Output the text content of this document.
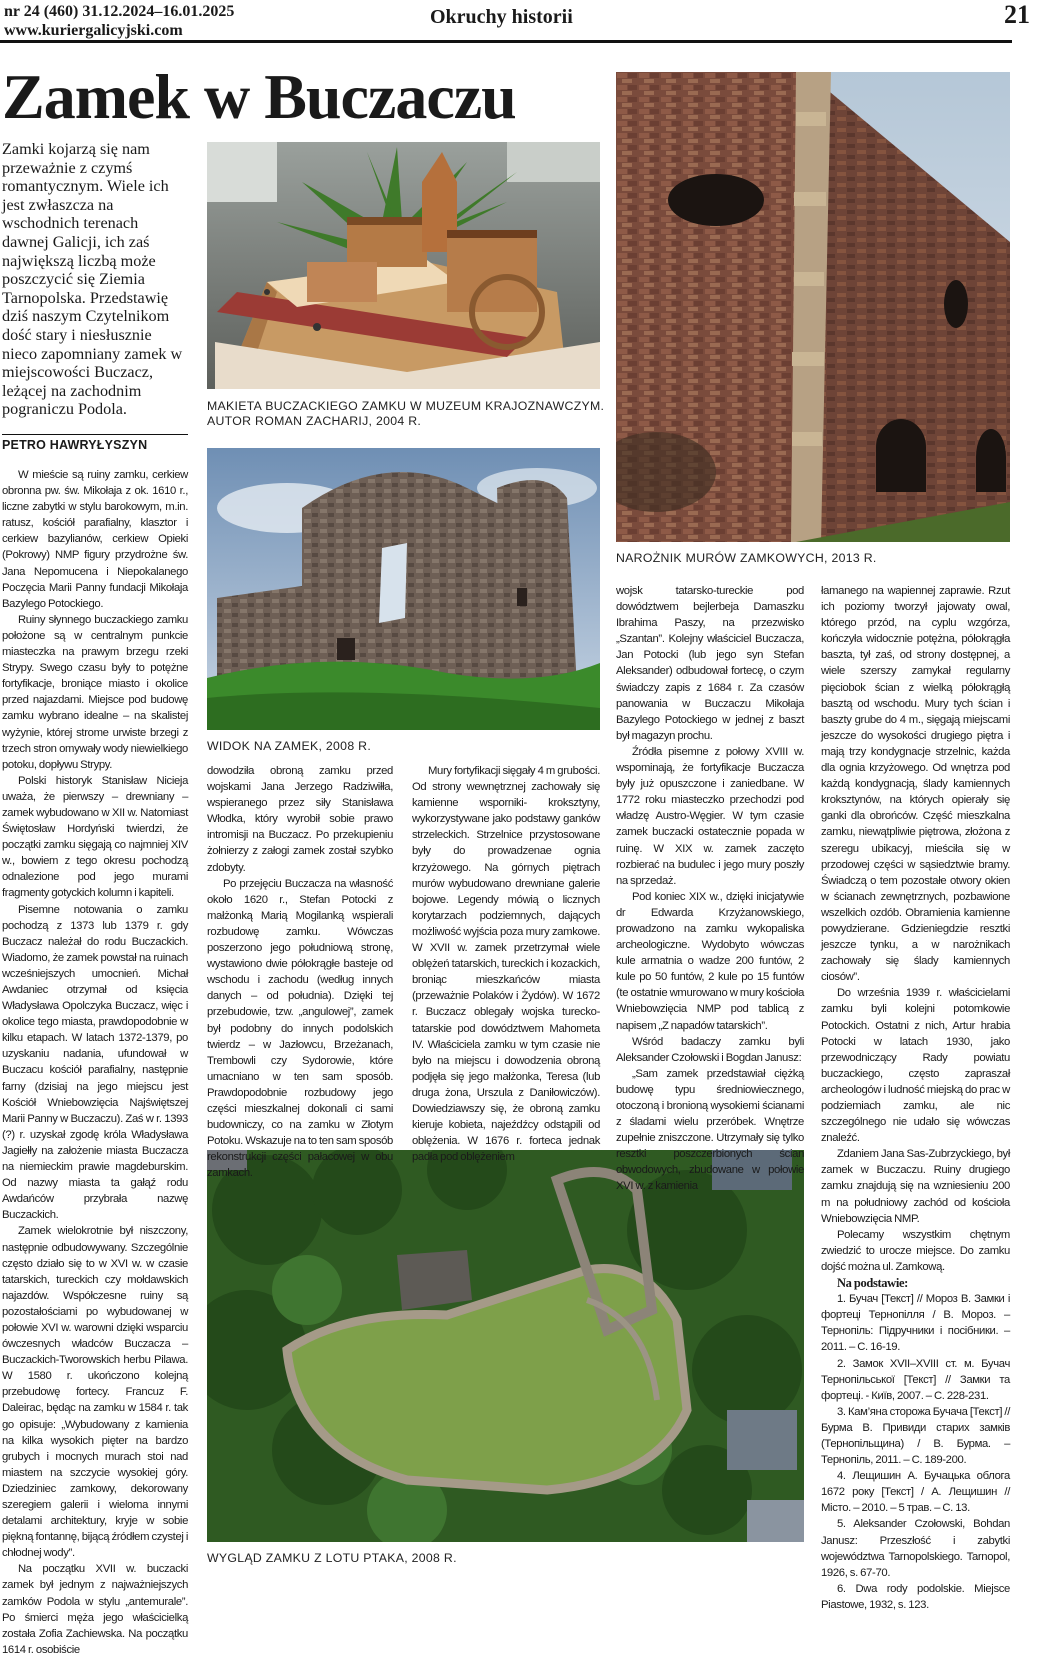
nr 24 (460) 31.12.2024–16.01.2025
www.kuriergalicyjski.com
Okruchy historii	21
Zamek w Buczaczu
Zamki kojarzą się nam przeważnie z czymś romantycznym. Wiele ich jest zwłaszcza na wschodnich terenach dawnej Galicji, ich zaś największą liczbą może poszczycić się Ziemia Tarnopolska. Przedstawię dziś naszym Czytelnikom dość stary i niesłusznie nieco zapomniany zamek w miejscowości Buczacz, leżącej na zachodnim pograniczu Podola.
PETRO HAWRYŁYSZYN
MAKIETA BUCZACKIEGO ZAMKU W MUZEUM KRAJOZNAWCZYM. AUTOR ROMAN ZACHARIJ, 2004 R.
NAROŻNIK MURÓW ZAMKOWYCH, 2013 R.
WIDOK NA ZAMEK, 2008 R.
WYGLĄD ZAMKU Z LOTU PTAKA, 2008 R.

W mieście są ruiny zamku, cerkiew obronna pw. św. Mikołaja z ok. 1610 r., liczne zabytki w stylu barokowym, m.in. ratusz, kościół parafialny, klasztor i cerkiew bazylianów, cerkiew Opieki (Pokrowy) NMP figury przydrożne św. Jana Nepomucena i Niepokalanego Poczęcia Marii Panny fundacji Mikołaja Bazylego Potockiego.

Ruiny słynnego buczackiego zamku położone są w centralnym punkcie miasteczka na prawym brzegu rzeki Strypy. Swego czasu były to potężne fortyfikacje, broniące miasto i okolice przed najazdami. Miejsce pod budowę zamku wybrano idealne – na skalistej wyżynie, której strome urwiste brzegi z trzech stron omywały wody niewielkiego potoku, dopływu Strypy.

Polski historyk Stanisław Nicieja uważa, że pierwszy – drewniany – zamek wybudowano w XII w. Natomiast Świętosław Hordyński twierdzi, że początki zamku sięgają co najmniej XIV w., bowiem z tego okresu pochodzą odnalezione pod jego murami fragmenty gotyckich kolumn i kapiteli.

Pisemne notowania o zamku pochodzą z 1373 lub 1379 r. gdy Buczacz należał do rodu Buczackich. Wiadomo, że zamek powstał na ruinach wcześniejszych umocnień. Michał Awdaniec otrzymał od księcia Władysława Opolczyka Buczacz, więc i okolice tego miasta, prawdopodobnie w kilku etapach. W latach 1372-1379, po uzyskaniu nadania, ufundował w Buczacu kościół parafialny, następnie farny (dzisiaj na jego miejscu jest Kościół Wniebowzięcia Najświętszej Marii Panny w Buczaczu). Zaś w r. 1393 (?) r. uzyskał zgodę króla Władysława Jagiełły na założenie miasta Buczacza na niemieckim prawie magdeburskim. Od nazwy miasta ta gałąź rodu Awdańców przybrała nazwę Buczackich.

Zamek wielokrotnie był niszczony, następnie odbudowywany. Szczególnie często działo się to w XVI w. w czasie tatarskich, tureckich czy mołdawskich najazdów. Współczesne ruiny są pozostałościami po wybudowanej w połowie XVI w. warowni dzięki wsparciu ówczesnych władców Buczacza – Buczackich-Tworowskich herbu Pilawa. W 1580 r. ukończono kolejną przebudowę fortecy. Francuz F. Daleirac, będąc na zamku w 1584 r. tak go opisuje: „Wybudowany z kamienia na kilka wysokich pięter na bardzo grubych i mocnych murach stoi nad miastem na szczycie wysokiej góry. Dziedziniec zamkowy, dekorowany szeregiem galerii i wieloma innymi detalami architektury, kryje w sobie piękną fontannę, bijącą źródłem czystej i chłodnej wody”.

Na początku XVII w. buczacki zamek był jednym z najważniejszych zamków Podola w stylu „antemurale”. Po śmierci męża jego właścicielką została Zofia Zachiewska. Na początku 1614 r. osobiście

dowodziła obroną zamku przed wojskami Jana Jerzego Radziwiłła, wspieranego przez siły Stanisława Włodka, który wyrobił sobie prawo intromisji na Buczacz. Po przekupieniu żołnierzy z załogi zamek został szybko zdobyty.

Po przejęciu Buczacza na własność około 1620 r., Stefan Potocki z małżonką Marią Mogilanką wspierali rozbudowę zamku. Wówczas poszerzono jego południową stronę, wystawiono dwie półokrągłe basteje od wschodu i zachodu (według innych danych – od południa). Dzięki tej przebudowie, tzw. „angulowej”, zamek był podobny do innych podolskich twierdz – w Jazłowcu, Brzeżanach, Trembowli czy Sydorowie, które umacniano w ten sam sposób. Prawdopodobnie rozbudowy jego części mieszkalnej dokonali ci sami budowniczy, co na zamku w Złotym Potoku. Wskazuje na to ten sam sposób rekonstrukcji części pałacowej w obu zamkach.

Mury fortyfikacji sięgały 4 m grubości. Od strony wewnętrznej zachowały się kamienne wsporniki- kroksztyny, wykorzystywane jako podstawy ganków strzeleckich. Strzelnice przystosowane były do prowadzenae ognia krzyżowego. Na górnych piętrach murów wybudowano drewniane galerie bojowe. Legendy mówią o licznych korytarzach podziemnych, dających możliwość wyjścia poza mury zamkowe. W XVII w. zamek przetrzymał wiele oblężeń tatarskich, tureckich i kozackich, broniąc mieszkańców miasta (przeważnie Polaków i Żydów). W 1672 r. Buczacz oblegały wojska turecko-tatarskie pod dowództwem Mahometa IV. Właściciela zamku w tym czasie nie było na miejscu i dowodzenia obroną podjęła się jego małżonka, Teresa (lub druga żona, Urszula z Daniłowiczów). Dowiedziawszy się, że obroną zamku kieruje kobieta, najeźdźcy odstąpili od oblężenia. W 1676 r. forteca jednak padła pod oblężeniem

wojsk tatarsko-tureckie pod dowództwem bejlerbeja Damaszku Ibrahima Paszy, na przezwisko „Szantan”. Kolejny właściciel Buczacza, Jan Potocki (lub jego syn Stefan Aleksander) odbudował fortecę, o czym świadczy zapis z 1684 r. Za czasów panowania w Buczaczu Mikołaja Bazylego Potockiego w jednej z baszt był magazyn prochu.

Źródła pisemne z połowy XVIII w. wspominają, że fortyfikacje Buczacza były już opuszczone i zaniedbane. W 1772 roku miasteczko przechodzi pod władzę Austro-Węgier. W tym czasie zamek buczacki ostatecznie popada w ruinę. W XIX w. zamek zaczęto rozbierać na budulec i jego mury poszły na sprzedaż.

Pod koniec XIX w., dzięki inicjatywie dr Edwarda Krzyżanowskiego, prowadzono na zamku wykopaliska archeologiczne. Wydobyto wówczas kule armatnia o wadze 200 funtów, 2 kule po 50 funtów, 2 kule po 15 funtów (te ostatnie wmurowano w mury kościoła Wniebowzięcia NMP pod tablicą z napisem „Z napadów tatarskich”.

Wśród badaczy zamku byli Aleksander Czołowski i Bogdan Janusz:

„Sam zamek przedstawiał ciężką budowę typu średniowiecznego, otoczoną i bronioną wysokiemi ścianami z śladami wielu przeróbek. Wnętrze zupełnie zniszczone. Utrzymały się tylko resztki poszczerbionych ścian obwodowych, zbudowane w połowie XVI w. z kamienia

łamanego na wapiennej zaprawie. Rzut ich poziomy tworzył jajowaty owal, którego przód, na cyplu wzgórza, kończyła widocznie potężna, półokrągła baszta, tył zaś, od strony dostępnej, a wiele szerszy zamykał regularny pięciobok ścian z wielką półokrągłą basztą od wschodu. Mury tych ścian i baszty grube do 4 m., sięgają miejscami jeszcze do wysokości drugiego piętra i mają trzy kondygnacje strzelnic, każda dla ognia krzyżowego. Od wnętrza pod każdą kondygnacją, ślady kamiennych kroksztynów, na których opierały się ganki dla obrońców. Część mieszkalna zamku, niewątpliwie piętrowa, złożona z szeregu ubikacyj, mieściła się w przodowej części w sąsiedztwie bramy. Świadczą o tem pozostałe otwory okien w ścianach zewnętrznych, pozbawione wszelkich ozdób. Obramienia kamienne powydzierane. Gdzieniegdzie resztki jeszcze tynku, a w narożnikach zachowały się ślady kamiennych ciosów”.

Do września 1939 r. właścicielami zamku byli kolejni potomkowie Potockich. Ostatni z nich, Artur hrabia Potocki w latach 1930, jako przewodniczący Rady powiatu buczackiego, często zapraszał archeologów i ludność miejską do prac w podziemiach zamku, ale nic szczególnego nie udało się wówczas znaleźć.

Zdaniem Jana Sas-Zubrzyckiego, był zamek w Buczaczu. Ruiny drugiego zamku znajdują się na wzniesieniu 200 m na południowy zachód od kościoła Wniebowzięcia NMP.

Polecamy wszystkim chętnym zwiedzić to urocze miejsce. Do zamku dojść można ul. Zamkową.

Na podstawie:

1. Бучач [Текст] // Мороз В. Замки і фортеці Тернопілля / В. Мороз. – Тернопіль: Підручники і посібники. – 2011. – С. 16-19.

2. Замок XVII–XVIII ст. м. Бучач Тернопільської [Текст] // Замки та фортеці. - Київ, 2007. – С. 228-231.

3. Кам’яна сторожа Бучача [Текст] // Бурма В. Привиди старих замків (Тернопільщина) / В. Бурма. – Тернопіль, 2011. – С. 189-200.

4. Лещишин А. Бучацька облога 1672 року [Текст] / А. Лещишин // Місто. – 2010. – 5 трав. – С. 13.

5. Aleksander Czołowski, Bohdan Janusz: Przeszłość i zabytki województwa Tarnopolskiego. Tarnopol, 1926, s. 67-70.

6. Dwa rody podolskie. Miejsce Piastowe, 1932, s. 123.
